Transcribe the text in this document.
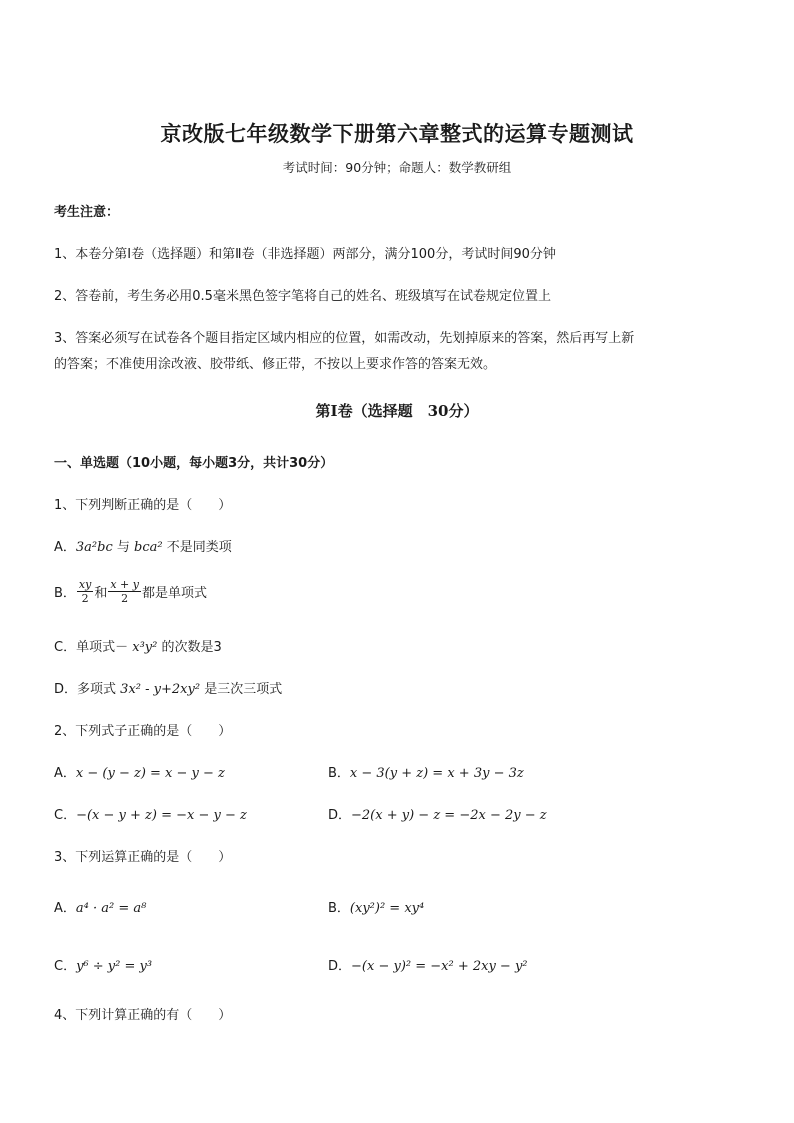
京改版七年级数学下册第六章整式的运算专题测试
考试时间：90分钟；命题人：数学教研组
考生注意：
1、本卷分第Ⅰ卷（选择题）和第Ⅱ卷（非选择题）两部分，满分100分，考试时间90分钟
2、答卷前，考生务必用0.5毫米黑色签字笔将自己的姓名、班级填写在试卷规定位置上
3、答案必须写在试卷各个题目指定区域内相应的位置，如需改动，先划掉原来的答案，然后再写上新
的答案；不准使用涂改液、胶带纸、修正带，不按以上要求作答的答案无效。
第Ⅰ卷（选择题　30分）
一、单选题（10小题，每小题3分，共计30分）
1、下列判断正确的是（　　）
A．3a²bc 与 bca² 不是同类项
B． $\frac{xy}{2}$ 和 $\frac{x + y}{2}$ 都是单项式
C．单项式－ x³y² 的次数是3
D．多项式 3x² - y+2xy² 是三次三项式
2、下列式子正确的是（　　）
A．x − (y − z) = x − y − z	B．x − 3(y + z) = x + 3y − 3z
C．−(x − y + z) = −x − y − z	D．−2(x + y) − z = −2x − 2y − z
3、下列运算正确的是（　　）
A．a⁴ · a² = a⁸	B．(xy²)² = xy⁴
C．y⁶ ÷ y² = y³	D．−(x − y)² = −x² + 2xy − y²
4、下列计算正确的有（　　）
